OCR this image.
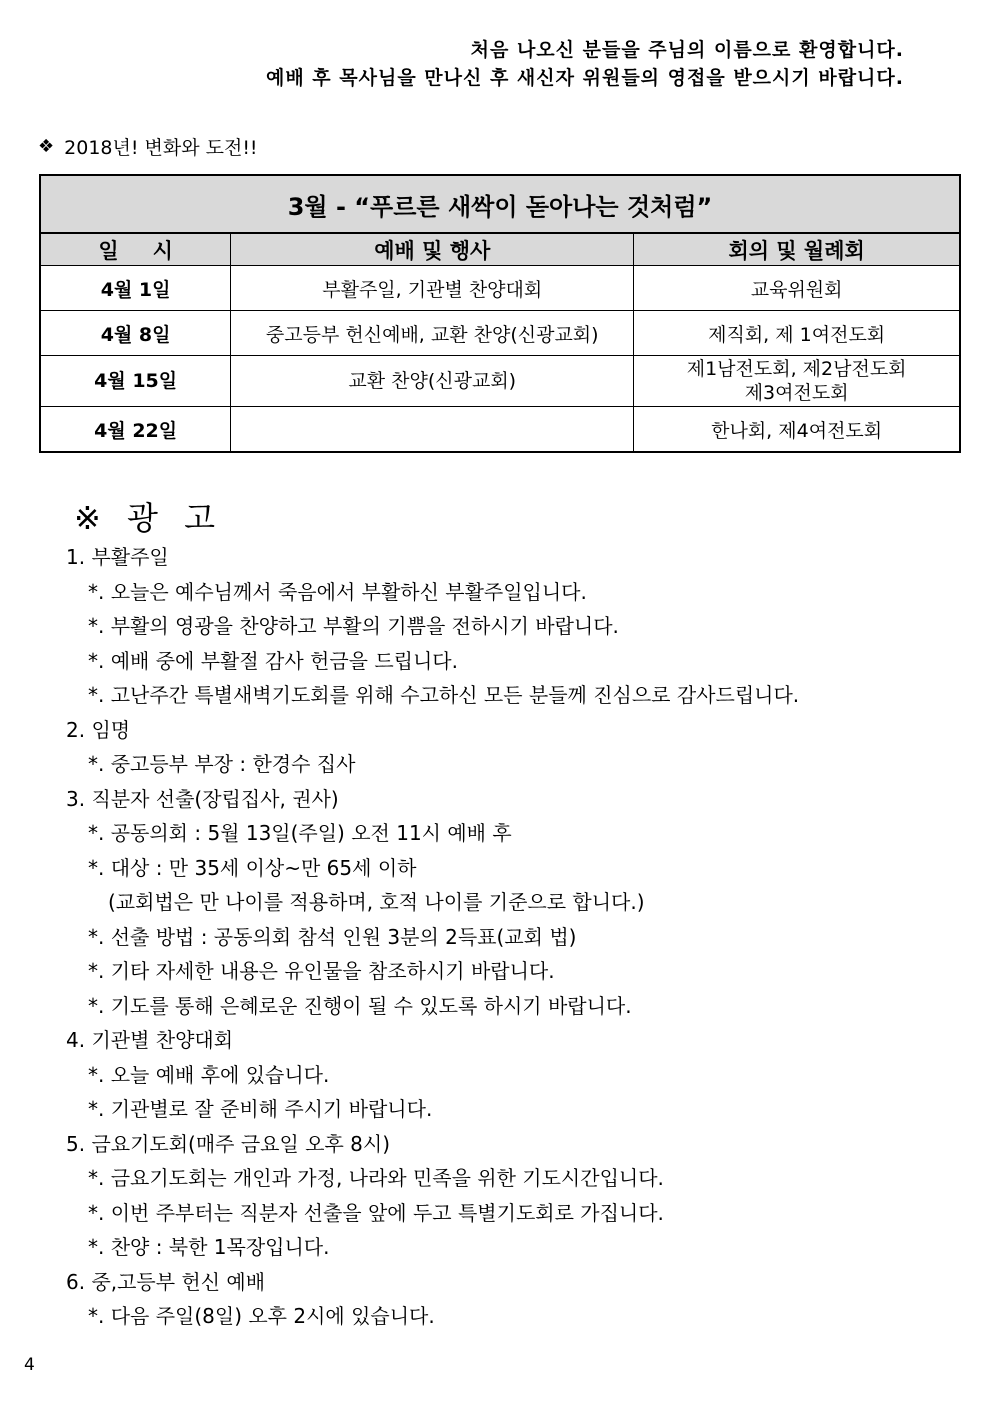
처음 나오신 분들을 주님의 이름으로 환영합니다.
예배 후 목사님을 만나신 후 새신자 위원들의 영접을 받으시기 바랍니다.
❖ 2018년! 변화와 도전!!
3월 - “푸르른 새싹이 돋아나는 것처럼”		
일시	예배 및 행사	회의 및 월례회
4월 1일	부활주일, 기관별 찬양대회	교육위원회
4월 8일	중고등부 헌신예배, 교환 찬양(신광교회)	제직회, 제 1여전도회
4월 15일	교환 찬양(신광교회)	제1남전도회, 제2남전도회
제3여전도회

4월 22일		한나회, 제4여전도회
※ 광 고
1. 부활주일
*. 오늘은 예수님께서 죽음에서 부활하신 부활주일입니다.
*. 부활의 영광을 찬양하고 부활의 기쁨을 전하시기 바랍니다.
*. 예배 중에 부활절 감사 헌금을 드립니다.
*. 고난주간 특별새벽기도회를 위해 수고하신 모든 분들께 진심으로 감사드립니다.
2. 임명
*. 중고등부 부장 : 한경수 집사
3. 직분자 선출(장립집사, 권사)
*. 공동의회 : 5월 13일(주일) 오전 11시 예배 후
*. 대상 : 만 35세 이상~만 65세 이하
(교회법은 만 나이를 적용하며, 호적 나이를 기준으로 합니다.)
*. 선출 방법 : 공동의회 참석 인원 3분의 2득표(교회 법)
*. 기타 자세한 내용은 유인물을 참조하시기 바랍니다.
*. 기도를 통해 은혜로운 진행이 될 수 있도록 하시기 바랍니다.
4. 기관별 찬양대회
*. 오늘 예배 후에 있습니다.
*. 기관별로 잘 준비해 주시기 바랍니다.
5. 금요기도회(매주 금요일 오후 8시)
*. 금요기도회는 개인과 가정, 나라와 민족을 위한 기도시간입니다.
*. 이번 주부터는 직분자 선출을 앞에 두고 특별기도회로 가집니다.
*. 찬양 : 북한 1목장입니다.
6. 중,고등부 헌신 예배
*. 다음 주일(8일) 오후 2시에 있습니다.
4
